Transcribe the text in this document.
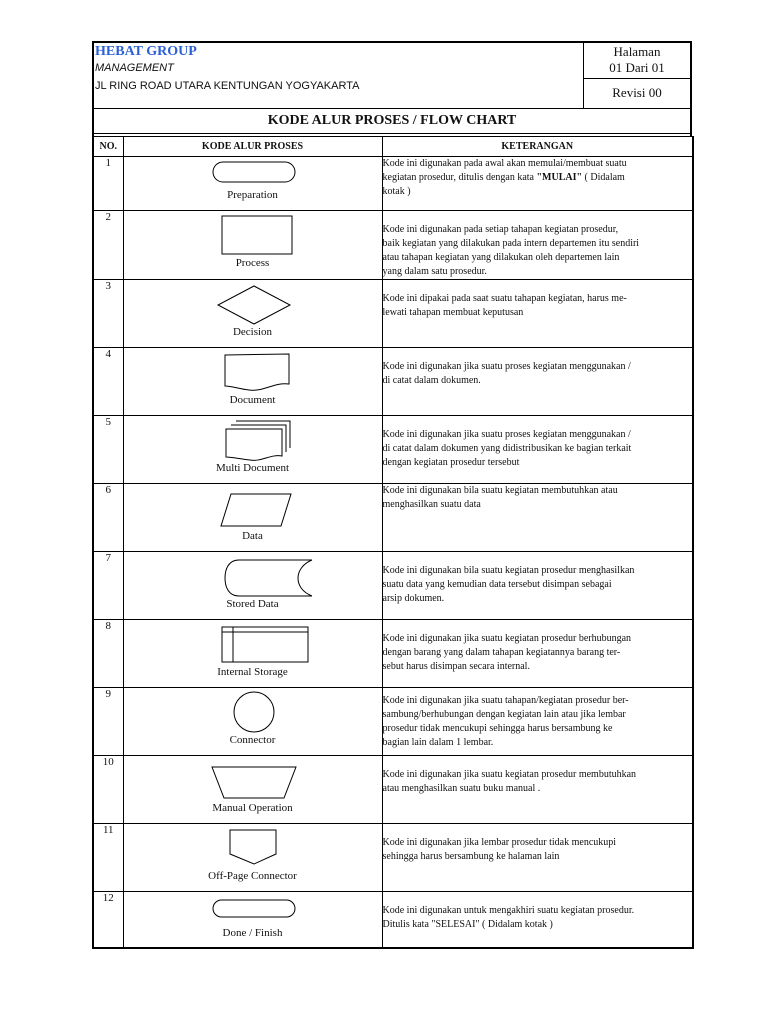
HEBAT GROUP
MANAGEMENT
JL RING ROAD UTARA KENTUNGAN YOGYAKARTA
Halaman
01 Dari 01
Revisi 00
KODE ALUR PROSES / FLOW CHART
NO.	KODE ALUR PROSES	KETERANGAN
1	Preparation	Kode ini digunakan pada awal akan memulai/membuat suatu
kegiatan prosedur, ditulis dengan kata "MULAI" ( Didalam
kotak )

2	Process	Kode ini digunakan pada setiap tahapan kegiatan prosedur,
baik kegiatan yang dilakukan pada intern departemen itu sendiri
atau tahapan kegiatan yang dilakukan oleh departemen lain
yang dalam satu prosedur.

3	Decision	Kode ini dipakai pada saat suatu tahapan kegiatan, harus me-
lewati tahapan membuat keputusan

4	Document	Kode ini digunakan jika suatu proses kegiatan menggunakan /
di catat dalam dokumen.

5	Multi Document	Kode ini digunakan jika suatu proses kegiatan menggunakan /
di catat dalam dokumen yang didistribusikan ke bagian terkait
dengan kegiatan prosedur tersebut

6	Data	Kode ini digunakan bila suatu kegiatan membutuhkan atau
menghasilkan suatu data

7	Stored Data	Kode ini digunakan bila suatu kegiatan prosedur menghasilkan
suatu data yang kemudian data tersebut disimpan sebagai
arsip dokumen.

8	Internal Storage	Kode ini digunakan jika suatu kegiatan prosedur berhubungan
dengan barang yang dalam tahapan kegiatannya barang ter-
sebut harus disimpan secara internal.

9	Connector	Kode ini digunakan jika suatu tahapan/kegiatan prosedur ber-
sambung/berhubungan dengan kegiatan lain atau jika lembar
prosedur tidak mencukupi sehingga harus bersambung ke
bagian lain dalam 1 lembar.

10	Manual Operation	Kode ini digunakan jika suatu kegiatan prosedur membutuhkan
atau menghasilkan suatu buku manual .

11	Off-Page Connector	Kode ini digunakan jika lembar prosedur tidak mencukupi
sehingga harus bersambung ke halaman lain

12	Done / Finish	Kode ini digunakan untuk mengakhiri suatu kegiatan prosedur.
Ditulis kata "SELESAI" ( Didalam kotak )
